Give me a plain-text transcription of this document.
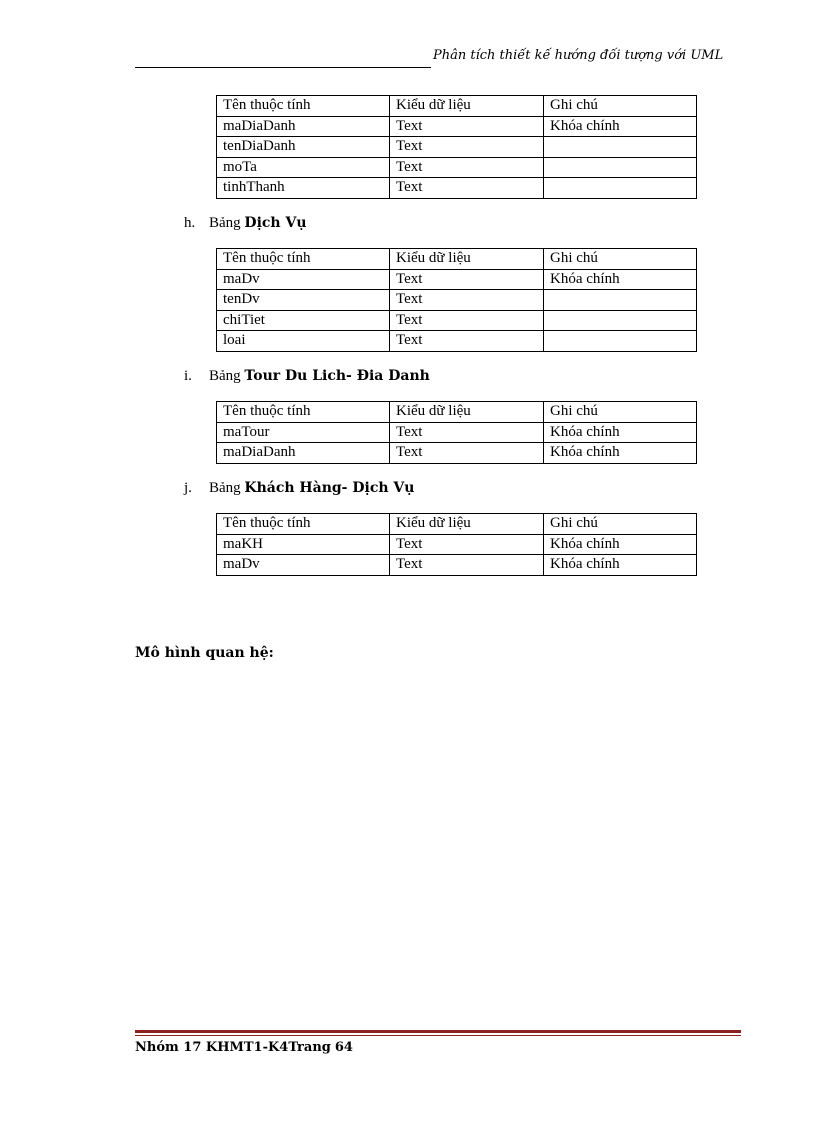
Phân tích thiết kế hướng đối tượng với UML
Tên thuộc tính	Kiểu dữ liệu	Ghi chú
maDiaDanh	Text	Khóa chính
tenDiaDanh	Text	
moTa	Text	
tinhThanh	Text	
h. Bảng Dịch Vụ
Tên thuộc tính	Kiểu dữ liệu	Ghi chú
maDv	Text	Khóa chính
tenDv	Text	
chiTiet	Text	
loai	Text	
i. Bảng Tour Du Lich- Đia Danh
Tên thuộc tính	Kiểu dữ liệu	Ghi chú
maTour	Text	Khóa chính
maDiaDanh	Text	Khóa chính
j. Bảng Khách Hàng- Dịch Vụ
Tên thuộc tính	Kiểu dữ liệu	Ghi chú
maKH	Text	Khóa chính
maDv	Text	Khóa chính
Mô hình quan hệ:
Nhóm 17 KHMT1-K4Trang 64
